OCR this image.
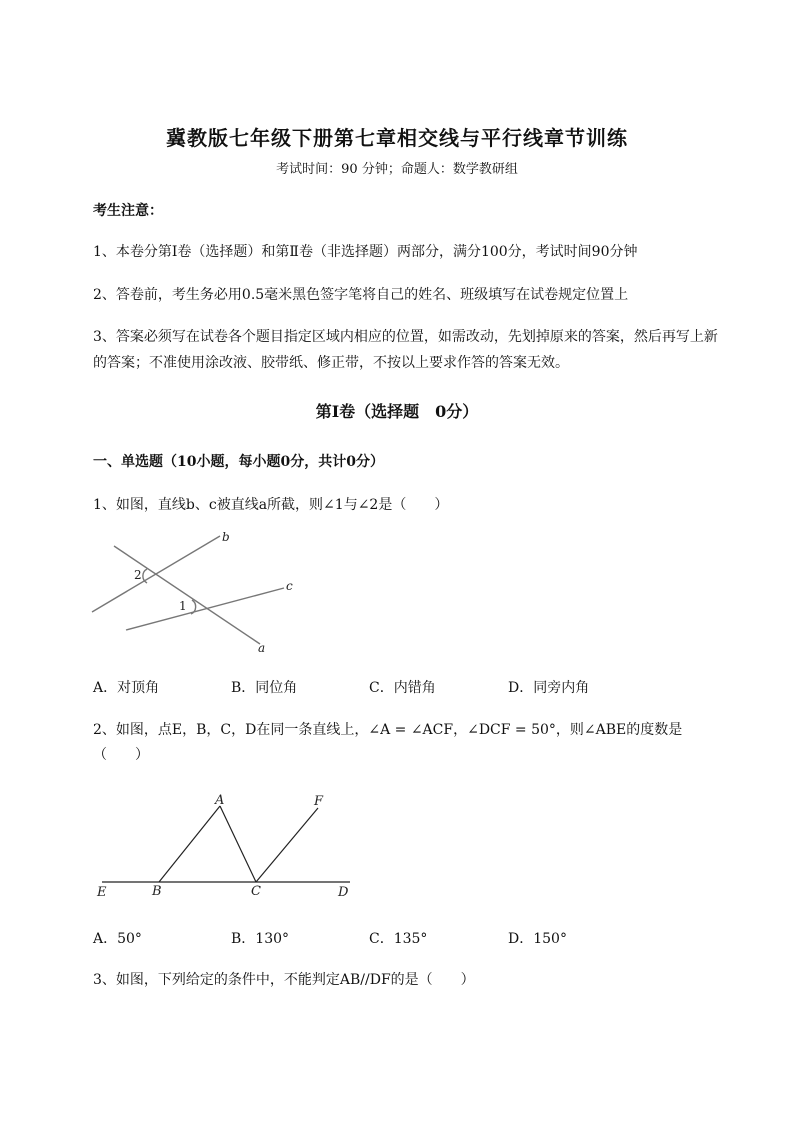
冀教版七年级下册第七章相交线与平行线章节训练
考试时间：90 分钟；命题人：数学教研组
考生注意：
1、本卷分第Ⅰ卷（选择题）和第Ⅱ卷（非选择题）两部分，满分100分，考试时间90分钟
2、答卷前，考生务必用0.5毫米黑色签字笔将自己的姓名、班级填写在试卷规定位置上
3、答案必须写在试卷各个题目指定区域内相应的位置，如需改动，先划掉原来的答案，然后再写上新
的答案；不准使用涂改液、胶带纸、修正带，不按以上要求作答的答案无效。
第Ⅰ卷（选择题　0分）
一、单选题（10小题，每小题0分，共计0分）
1、如图，直线b、c被直线a所截，则∠1与∠2是（　　）
b
c
a
2
1
A．对顶角	B．同位角	C．内错角	D．同旁内角
2、如图，点E，B，C，D在同一条直线上，∠A = ∠ACF，∠DCF = 50°，则∠ABE的度数是
（　　）
A	F
E	B	C	D
A．50°	B．130°	C．135°	D．150°
3、如图，下列给定的条件中，不能判定AB//DF的是（　　）
